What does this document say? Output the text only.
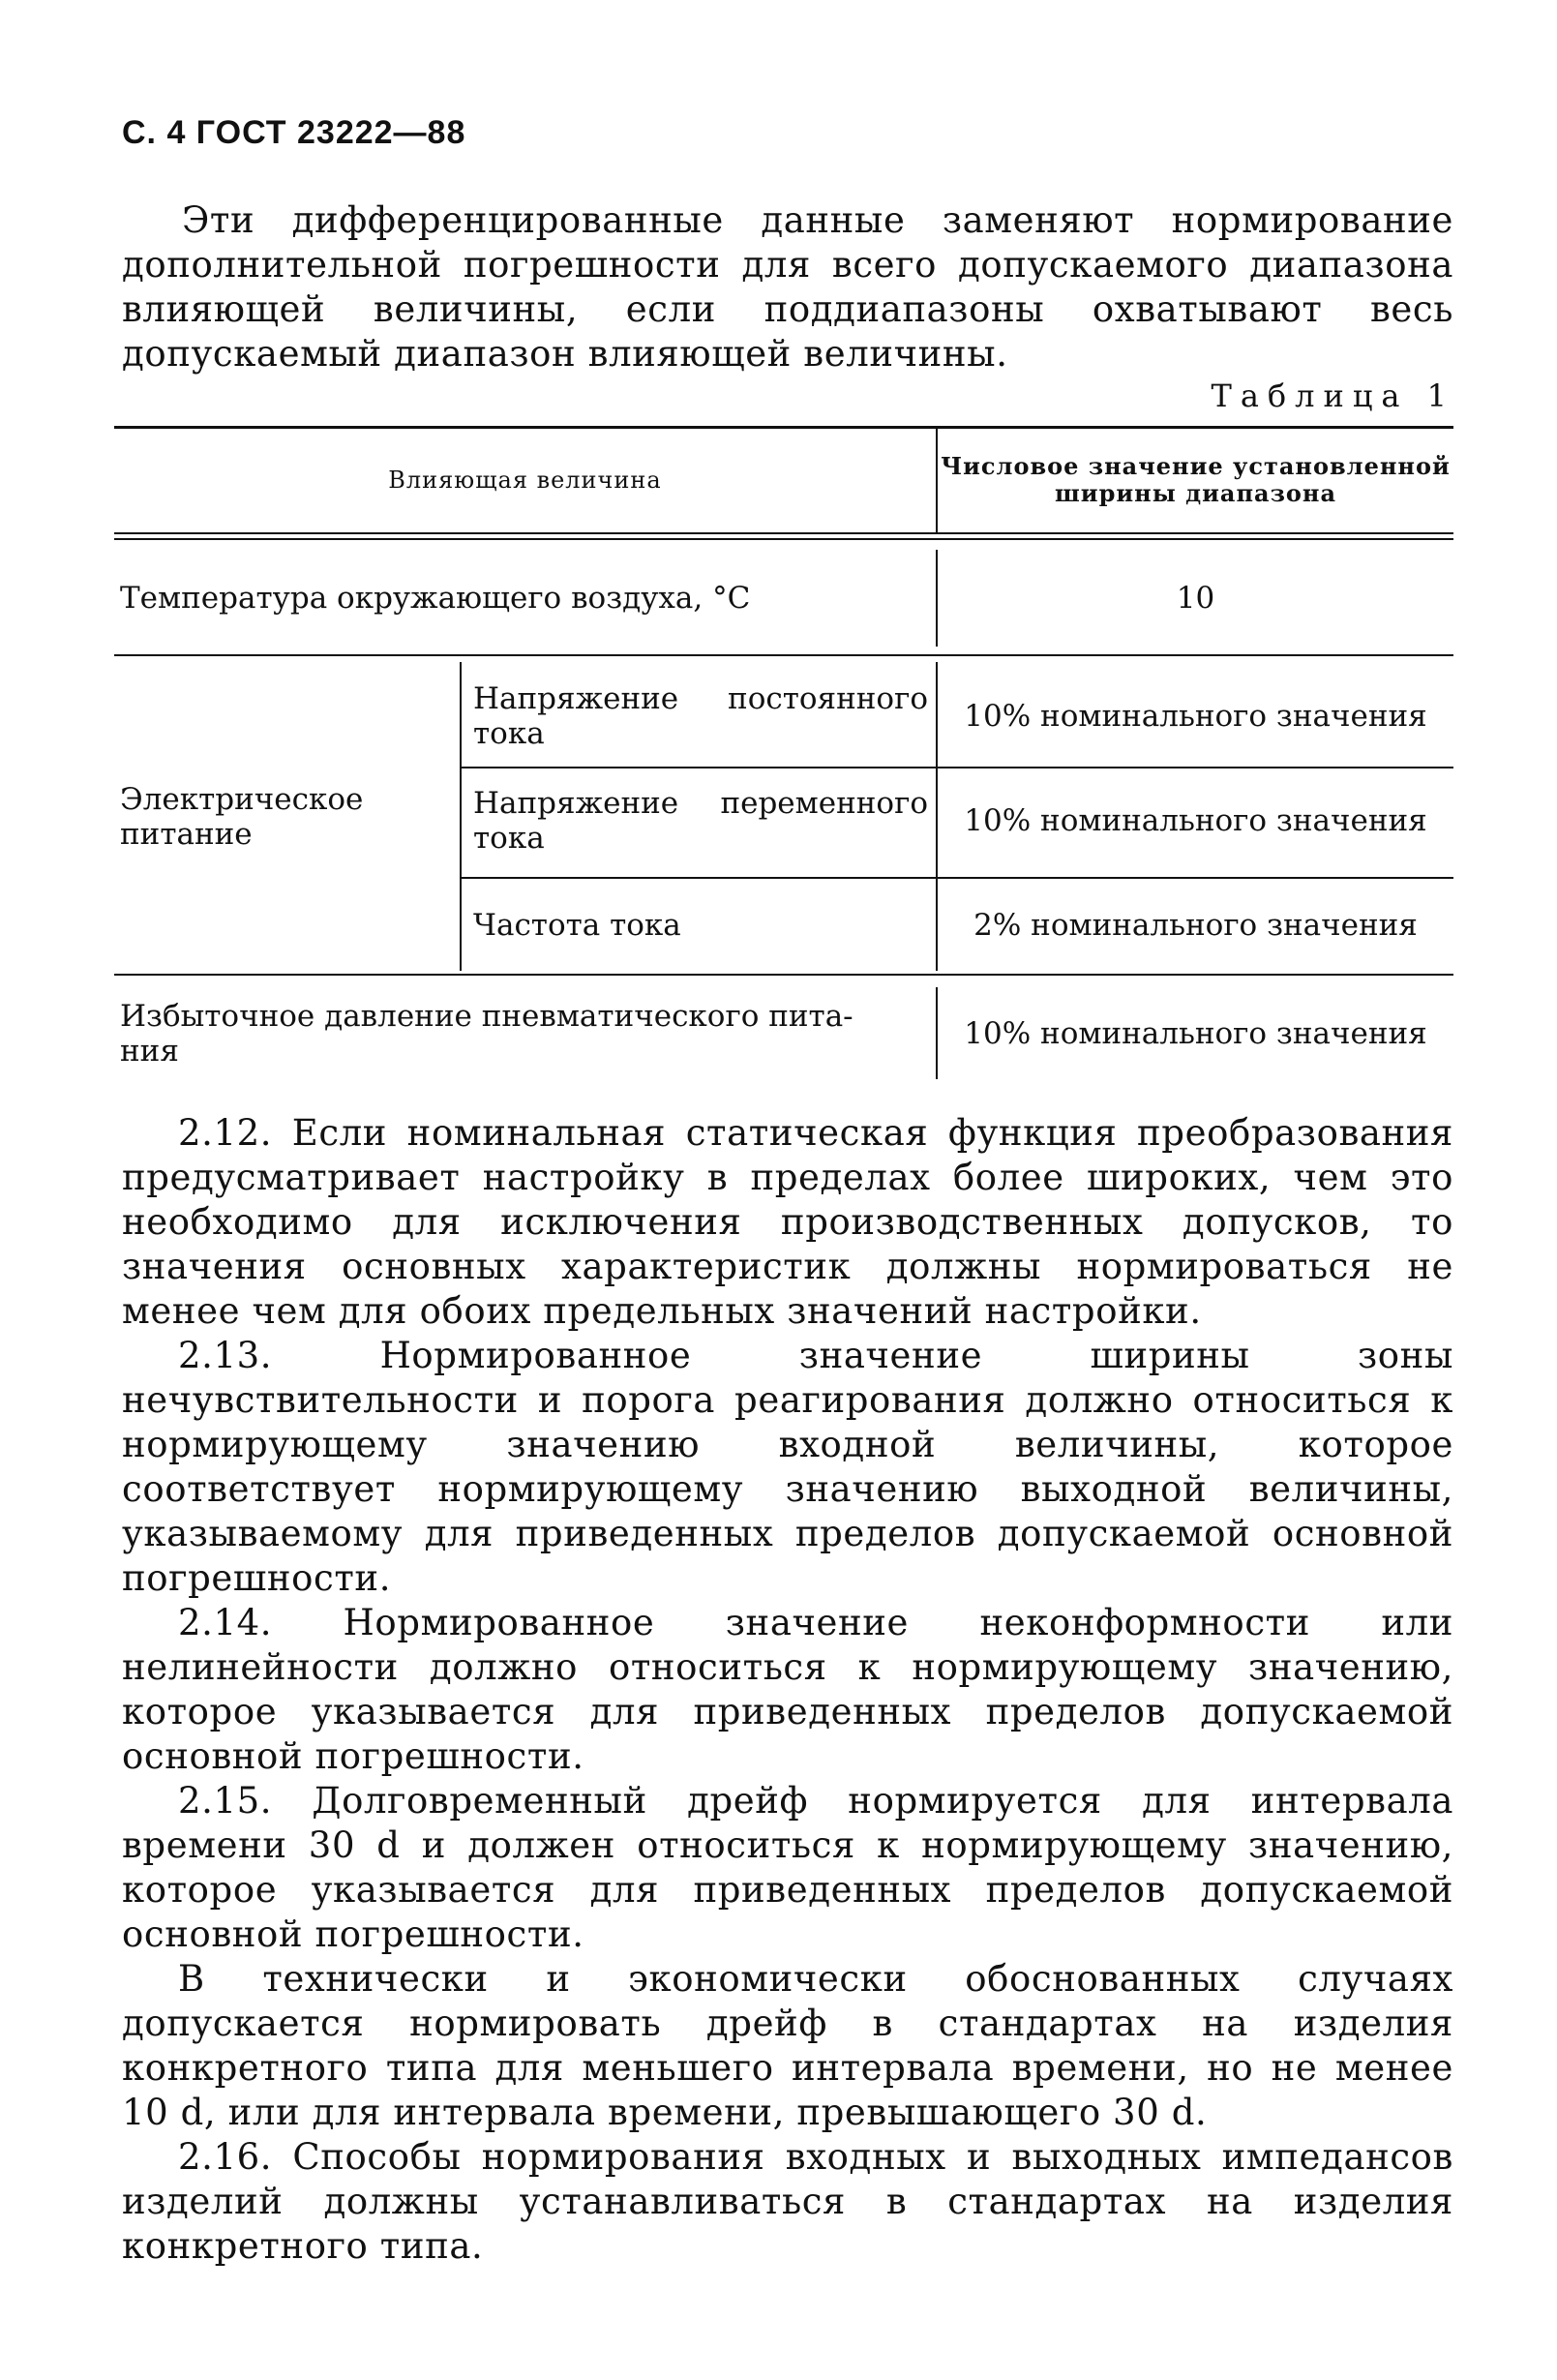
С. 4 ГОСТ 23222—88
Эти дифференцированные данные заменяют нормирование дополнительной погрешности для всего допускаемого диапазона влияющей величины, если поддиапазоны охватывают весь допускаемый диапазон влияющей величины.
Таблица 1
Влияющая величина	Числовое значение установленной
ширины диапазона
Температура окружающего воздуха, °С	10
Электрическое питание
Напряжение постоянного
тока	10% номинального значения
Напряжение переменного
тока	10% номинального значения
Частота тока	2% номинального значения
Избыточное давление пневматического пита-
ния	10% номинального значения

2.12. Если номинальная статическая функция преобразования предусматривает настройку в пределах более широких, чем это необходимо для исключения производственных допусков, то значения основных характеристик должны нормироваться не менее чем для обоих предельных значений настройки.

2.13. Нормированное значение ширины зоны нечувствительности и порога реагирования должно относиться к нормирующему значению входной величины, которое соответствует нормирующему значению выходной величины, указываемому для приведенных пределов допускаемой основной погрешности.

2.14. Нормированное значение неконформности или нелинейности должно относиться к нормирующему значению, которое указывается для приведенных пределов допускаемой основной погрешности.

2.15. Долговременный дрейф нормируется для интервала времени 30 d и должен относиться к нормирующему значению, которое указывается для приведенных пределов допускаемой основной погрешности.

В технически и экономически обоснованных случаях допускается нормировать дрейф в стандартах на изделия конкретного типа для меньшего интервала времени, но не менее 10 d, или для интервала времени, превышающего 30 d.

2.16. Способы нормирования входных и выходных импедансов изделий должны устанавливаться в стандартах на изделия конкретного типа.
